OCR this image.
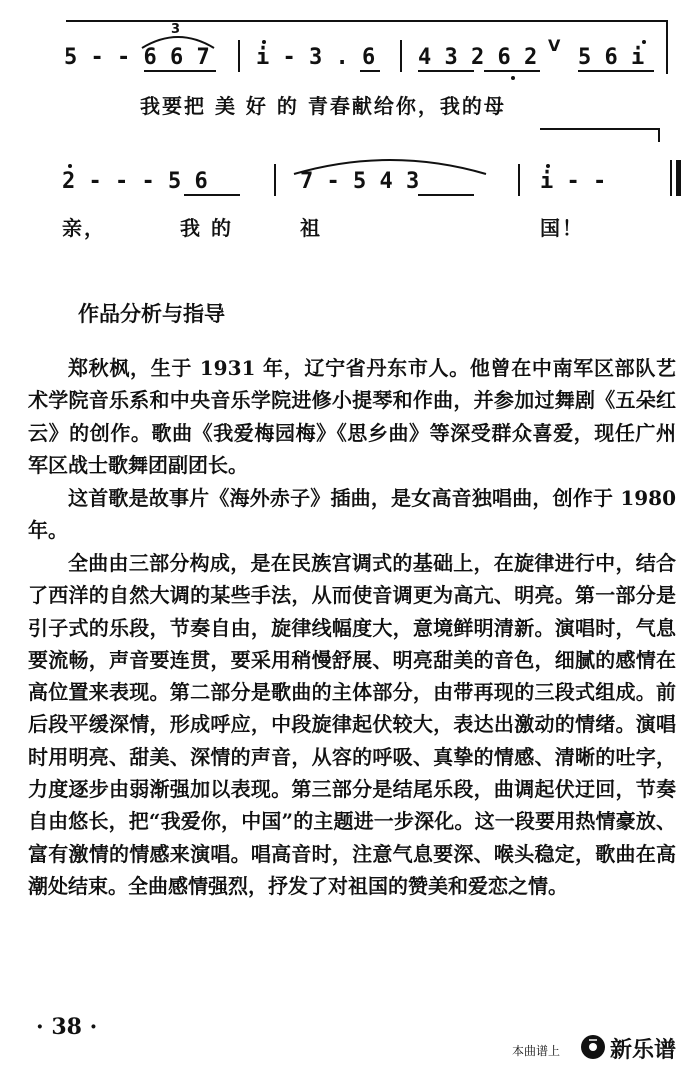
3
5 - - 6 6 7 i - 3 . 6 4 3 2 6 2 V 5 6 i
我要把 美 好 的 青春献给你，我的母
2 - - - 5 6	7 - 5 4 3	i - -
亲，	我 的	祖	国！
作品分析与指导

郑秋枫，生于 1931 年，辽宁省丹东市人。他曾在中南军区部队艺术学院音乐系和中央音乐学院进修小提琴和作曲，并参加过舞剧《五朵红云》的创作。歌曲《我爱梅园梅》《思乡曲》等深受群众喜爱，现任广州军区战士歌舞团副团长。

这首歌是故事片《海外赤子》插曲，是女高音独唱曲，创作于 1980 年。

全曲由三部分构成，是在民族宫调式的基础上，在旋律进行中，结合了西洋的自然大调的某些手法，从而使音调更为高亢、明亮。第一部分是引子式的乐段，节奏自由，旋律线幅度大，意境鲜明清新。演唱时，气息要流畅，声音要连贯，要采用稍慢舒展、明亮甜美的音色，细腻的感情在高位置来表现。第二部分是歌曲的主体部分，由带再现的三段式组成。前后段平缓深情，形成呼应，中段旋律起伏较大，表达出激动的情绪。演唱时用明亮、甜美、深情的声音，从容的呼吸、真挚的情感、清晰的吐字，力度逐步由弱渐强加以表现。第三部分是结尾乐段，曲调起伏迂回，节奏自由悠长，把“我爱你，中国”的主题进一步深化。这一段要用热情豪放、富有激情的情感来演唱。唱高音时，注意气息要深、喉头稳定，歌曲在高潮处结束。全曲感情强烈，抒发了对祖国的赞美和爱恋之情。

· 38 ·
本曲谱上 新乐谱
